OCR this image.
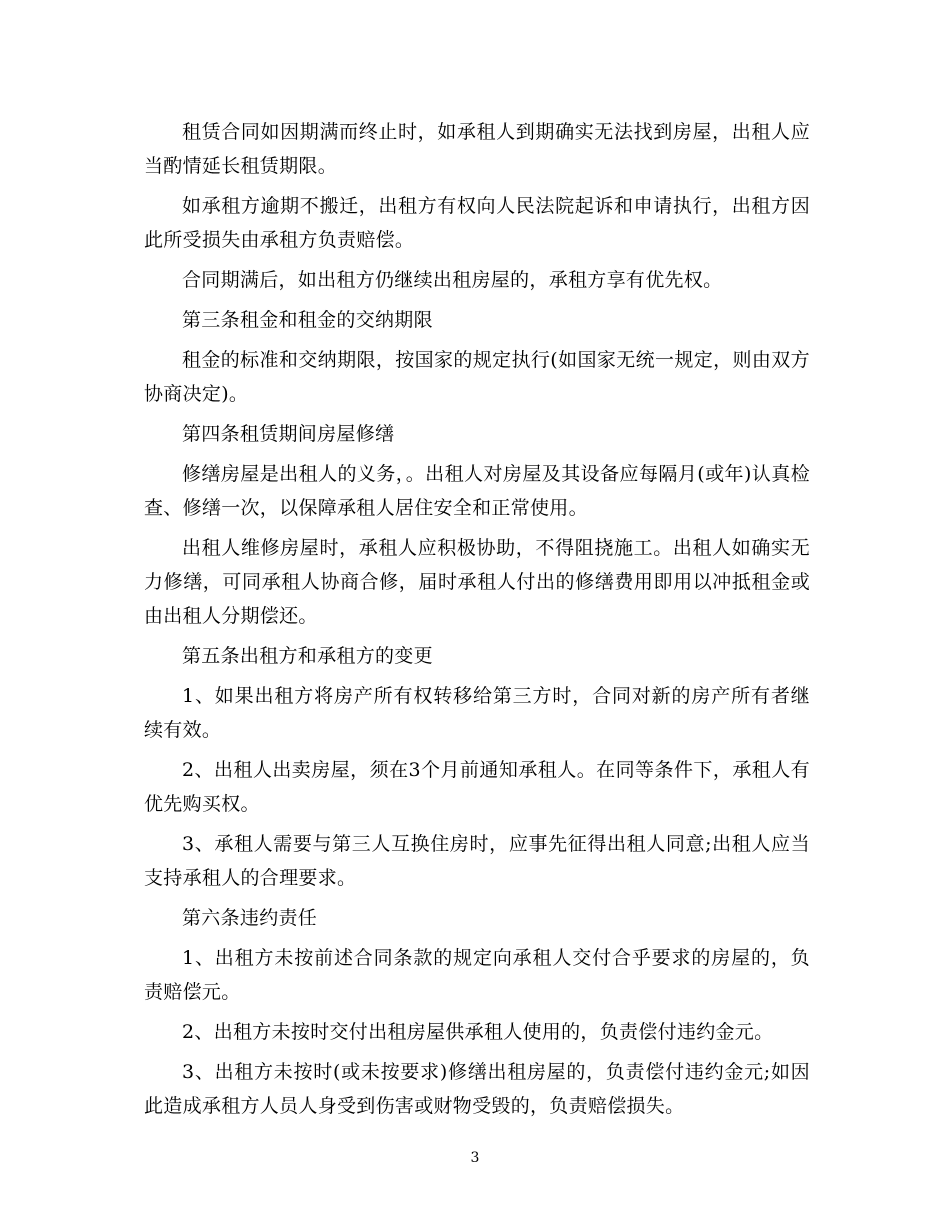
租赁合同如因期满而终止时，如承租人到期确实无法找到房屋，出租人应当酌情延长租赁期限。

如承租方逾期不搬迁，出租方有权向人民法院起诉和申请执行，出租方因此所受损失由承租方负责赔偿。

合同期满后，如出租方仍继续出租房屋的，承租方享有优先权。

第三条租金和租金的交纳期限

租金的标准和交纳期限，按国家的规定执行(如国家无统一规定，则由双方协商决定)。

第四条租赁期间房屋修缮

修缮房屋是出租人的义务，。出租人对房屋及其设备应每隔月(或年)认真检查、修缮一次，以保障承租人居住安全和正常使用。

出租人维修房屋时，承租人应积极协助，不得阻挠施工。出租人如确实无力修缮，可同承租人协商合修，届时承租人付出的修缮费用即用以冲抵租金或由出租人分期偿还。

第五条出租方和承租方的变更

1、如果出租方将房产所有权转移给第三方时，合同对新的房产所有者继续有效。

2、出租人出卖房屋，须在3个月前通知承租人。在同等条件下，承租人有优先购买权。

3、承租人需要与第三人互换住房时，应事先征得出租人同意;出租人应当支持承租人的合理要求。

第六条违约责任

1、出租方未按前述合同条款的规定向承租人交付合乎要求的房屋的，负责赔偿元。

2、出租方未按时交付出租房屋供承租人使用的，负责偿付违约金元。

3、出租方未按时(或未按要求)修缮出租房屋的，负责偿付违约金元;如因此造成承租方人员人身受到伤害或财物受毁的，负责赔偿损失。

3
